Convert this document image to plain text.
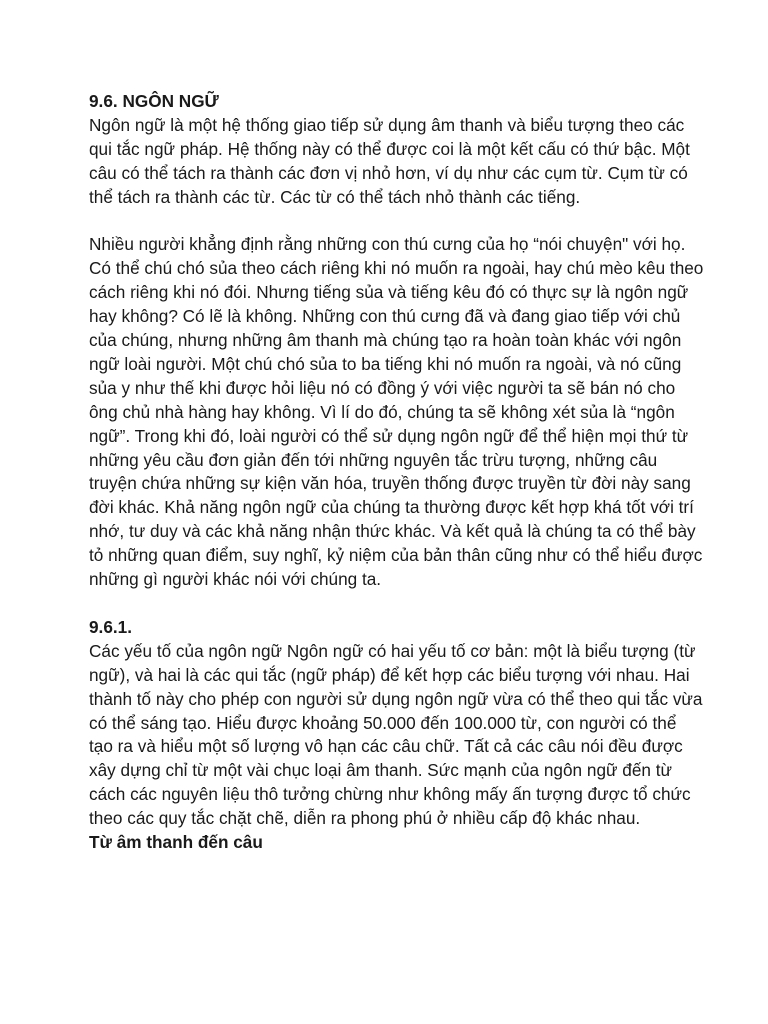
9.6. NGÔN NGỮ

Ngôn ngữ là một hệ thống giao tiếp sử dụng âm thanh và biểu tượng theo các qui tắc ngữ pháp. Hệ thống này có thể được coi là một kết cấu có thứ bậc. Một câu có thể tách ra thành các đơn vị nhỏ hơn, ví dụ như các cụm từ. Cụm từ có thể tách ra thành các từ. Các từ có thể tách nhỏ thành các tiếng.

Nhiều người khẳng định rằng những con thú cưng của họ “nói chuyện" với họ. Có thể chú chó sủa theo cách riêng khi nó muốn ra ngoài, hay chú mèo kêu theo cách riêng khi nó đói. Nhưng tiếng sủa và tiếng kêu đó có thực sự là ngôn ngữ hay không? Có lẽ là không. Những con thú cưng đã và đang giao tiếp với chủ của chúng, nhưng những âm thanh mà chúng tạo ra hoàn toàn khác với ngôn ngữ loài người. Một chú chó sủa to ba tiếng khi nó muốn ra ngoài, và nó cũng sủa y như thế khi được hỏi liệu nó có đồng ý với việc người ta sẽ bán nó cho ông chủ nhà hàng hay không. Vì lí do đó, chúng ta sẽ không xét sủa là “ngôn ngữ”. Trong khi đó, loài người có thể sử dụng ngôn ngữ để thể hiện mọi thứ từ những yêu cầu đơn giản đến tới những nguyên tắc trừu tượng, những câu truyện chứa những sự kiện văn hóa, truyền thống được truyền từ đời này sang đời khác. Khả năng ngôn ngữ của chúng ta thường được kết hợp khá tốt với trí nhớ, tư duy và các khả năng nhận thức khác. Và kết quả là chúng ta có thể bày tỏ những quan điểm, suy nghĩ, kỷ niệm của bản thân cũng như có thể hiểu được những gì người khác nói với chúng ta.

9.6.1.

Các yếu tố của ngôn ngữ Ngôn ngữ có hai yếu tố cơ bản: một là biểu tượng (từ ngữ), và hai là các qui tắc (ngữ pháp) để kết hợp các biểu tượng với nhau. Hai thành tố này cho phép con người sử dụng ngôn ngữ vừa có thể theo qui tắc vừa có thể sáng tạo. Hiểu được khoảng 50.000 đến 100.000 từ, con người có thể tạo ra và hiểu một số lượng vô hạn các câu chữ. Tất cả các câu nói đều được xây dựng chỉ từ một vài chục loại âm thanh. Sức mạnh của ngôn ngữ đến từ cách các nguyên liệu thô tưởng chừng như không mấy ấn tượng được tổ chức theo các quy tắc chặt chẽ, diễn ra phong phú ở nhiều cấp độ khác nhau.

Từ âm thanh đến câu
